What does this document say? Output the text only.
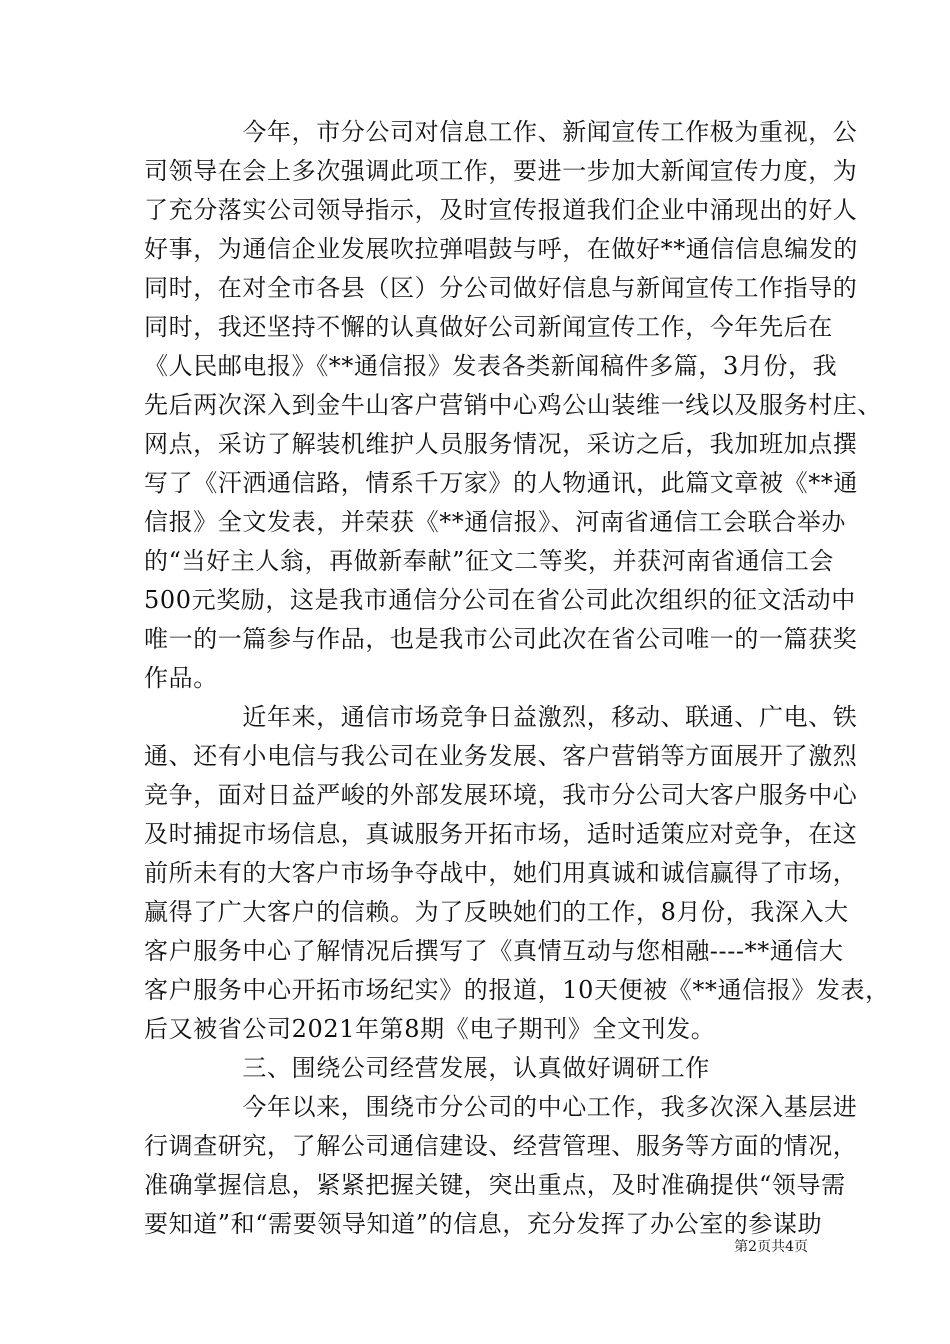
　　　　今年，市分公司对信息工作、新闻宣传工作极为重视，公
司领导在会上多次强调此项工作，要进一步加大新闻宣传力度，为
了充分落实公司领导指示，及时宣传报道我们企业中涌现出的好人
好事，为通信企业发展吹拉弹唱鼓与呼，在做好**通信信息编发的
同时，在对全市各县（区）分公司做好信息与新闻宣传工作指导的
同时，我还坚持不懈的认真做好公司新闻宣传工作，今年先后在
《人民邮电报》《**通信报》发表各类新闻稿件多篇，3月份，我
先后两次深入到金牛山客户营销中心鸡公山装维一线以及服务村庄、
网点，采访了解装机维护人员服务情况，采访之后，我加班加点撰
写了《汗洒通信路，情系千万家》的人物通讯，此篇文章被《**通
信报》全文发表，并荣获《**通信报》、河南省通信工会联合举办
的“当好主人翁，再做新奉献”征文二等奖，并获河南省通信工会
500元奖励，这是我市通信分公司在省公司此次组织的征文活动中
唯一的一篇参与作品，也是我市公司此次在省公司唯一的一篇获奖
作品。
　　　　近年来，通信市场竞争日益激烈，移动、联通、广电、铁
通、还有小电信与我公司在业务发展、客户营销等方面展开了激烈
竞争，面对日益严峻的外部发展环境，我市分公司大客户服务中心
及时捕捉市场信息，真诚服务开拓市场，适时适策应对竞争，在这
前所未有的大客户市场争夺战中，她们用真诚和诚信赢得了市场，
赢得了广大客户的信赖。为了反映她们的工作，8月份，我深入大
客户服务中心了解情况后撰写了《真情互动与您相融----**通信大
客户服务中心开拓市场纪实》的报道，10天便被《**通信报》发表，
后又被省公司2021年第8期《电子期刊》全文刊发。
　　　　三、围绕公司经营发展，认真做好调研工作
　　　　今年以来，围绕市分公司的中心工作，我多次深入基层进
行调查研究，了解公司通信建设、经营管理、服务等方面的情况，
准确掌握信息，紧紧把握关键，突出重点，及时准确提供“领导需
要知道”和“需要领导知道”的信息，充分发挥了办公室的参谋助
第2页共4页
